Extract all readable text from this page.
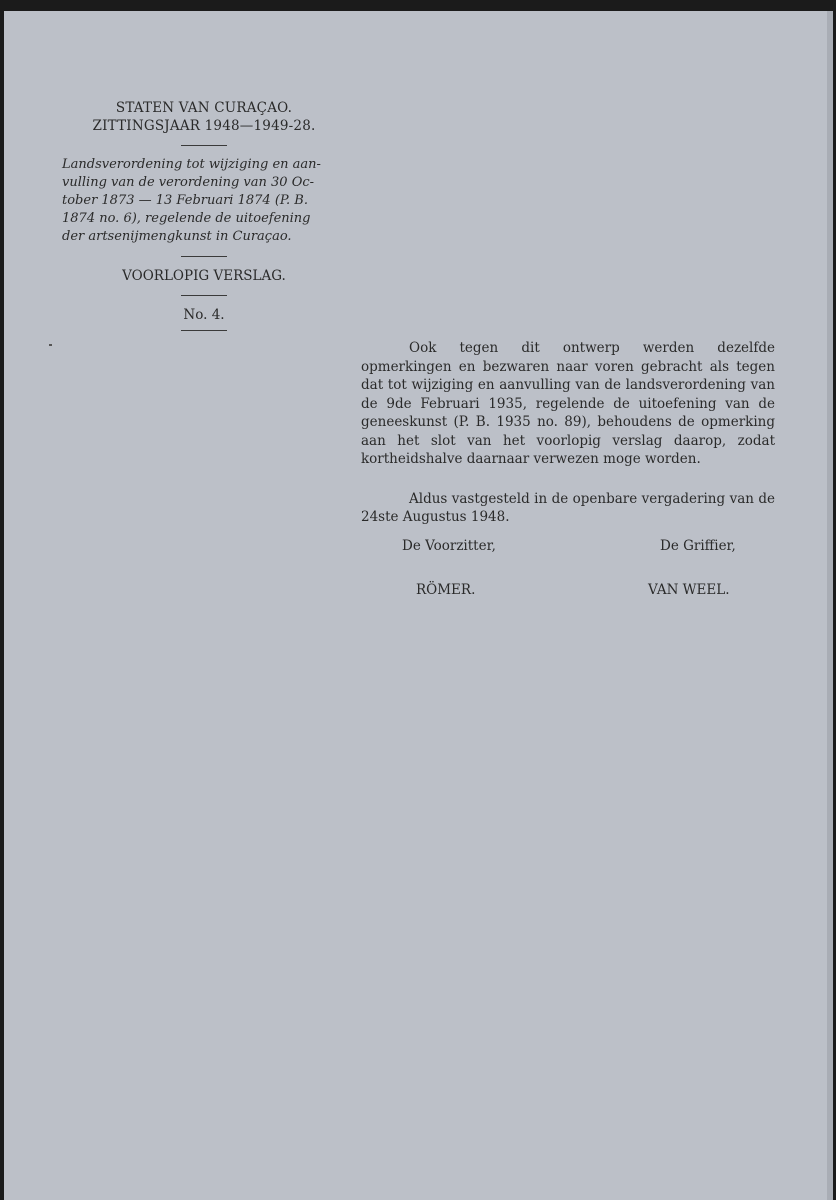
STATEN VAN CURAÇAO.
ZITTINGSJAAR 1948—1949-28.
Landsverordening tot wijziging en aan-
vulling van de verordening van 30 Oc-
tober 1873 — 13 Februari 1874 (P. B.
1874 no. 6), regelende de uitoefening
der artsenijmengkunst in Curaçao.
VOORLOPIG VERSLAG.
No. 4.

Ook tegen dit ontwerp werden dezelfde opmerkingen en bezwaren naar voren gebracht als tegen dat tot wijziging en aanvulling van de landsverordening van de 9de Februari 1935, regelende de uitoefening van de geneeskunst (P. B. 1935 no. 89), behoudens de opmerking aan het slot van het voorlopig verslag daarop, zodat kortheidshalve daarnaar verwezen moge worden.

Aldus vastgesteld in de openbare vergadering van de 24ste Augustus 1948.

De Voorzitter,	De Griffier,
RÖMER.	VAN WEEL.
